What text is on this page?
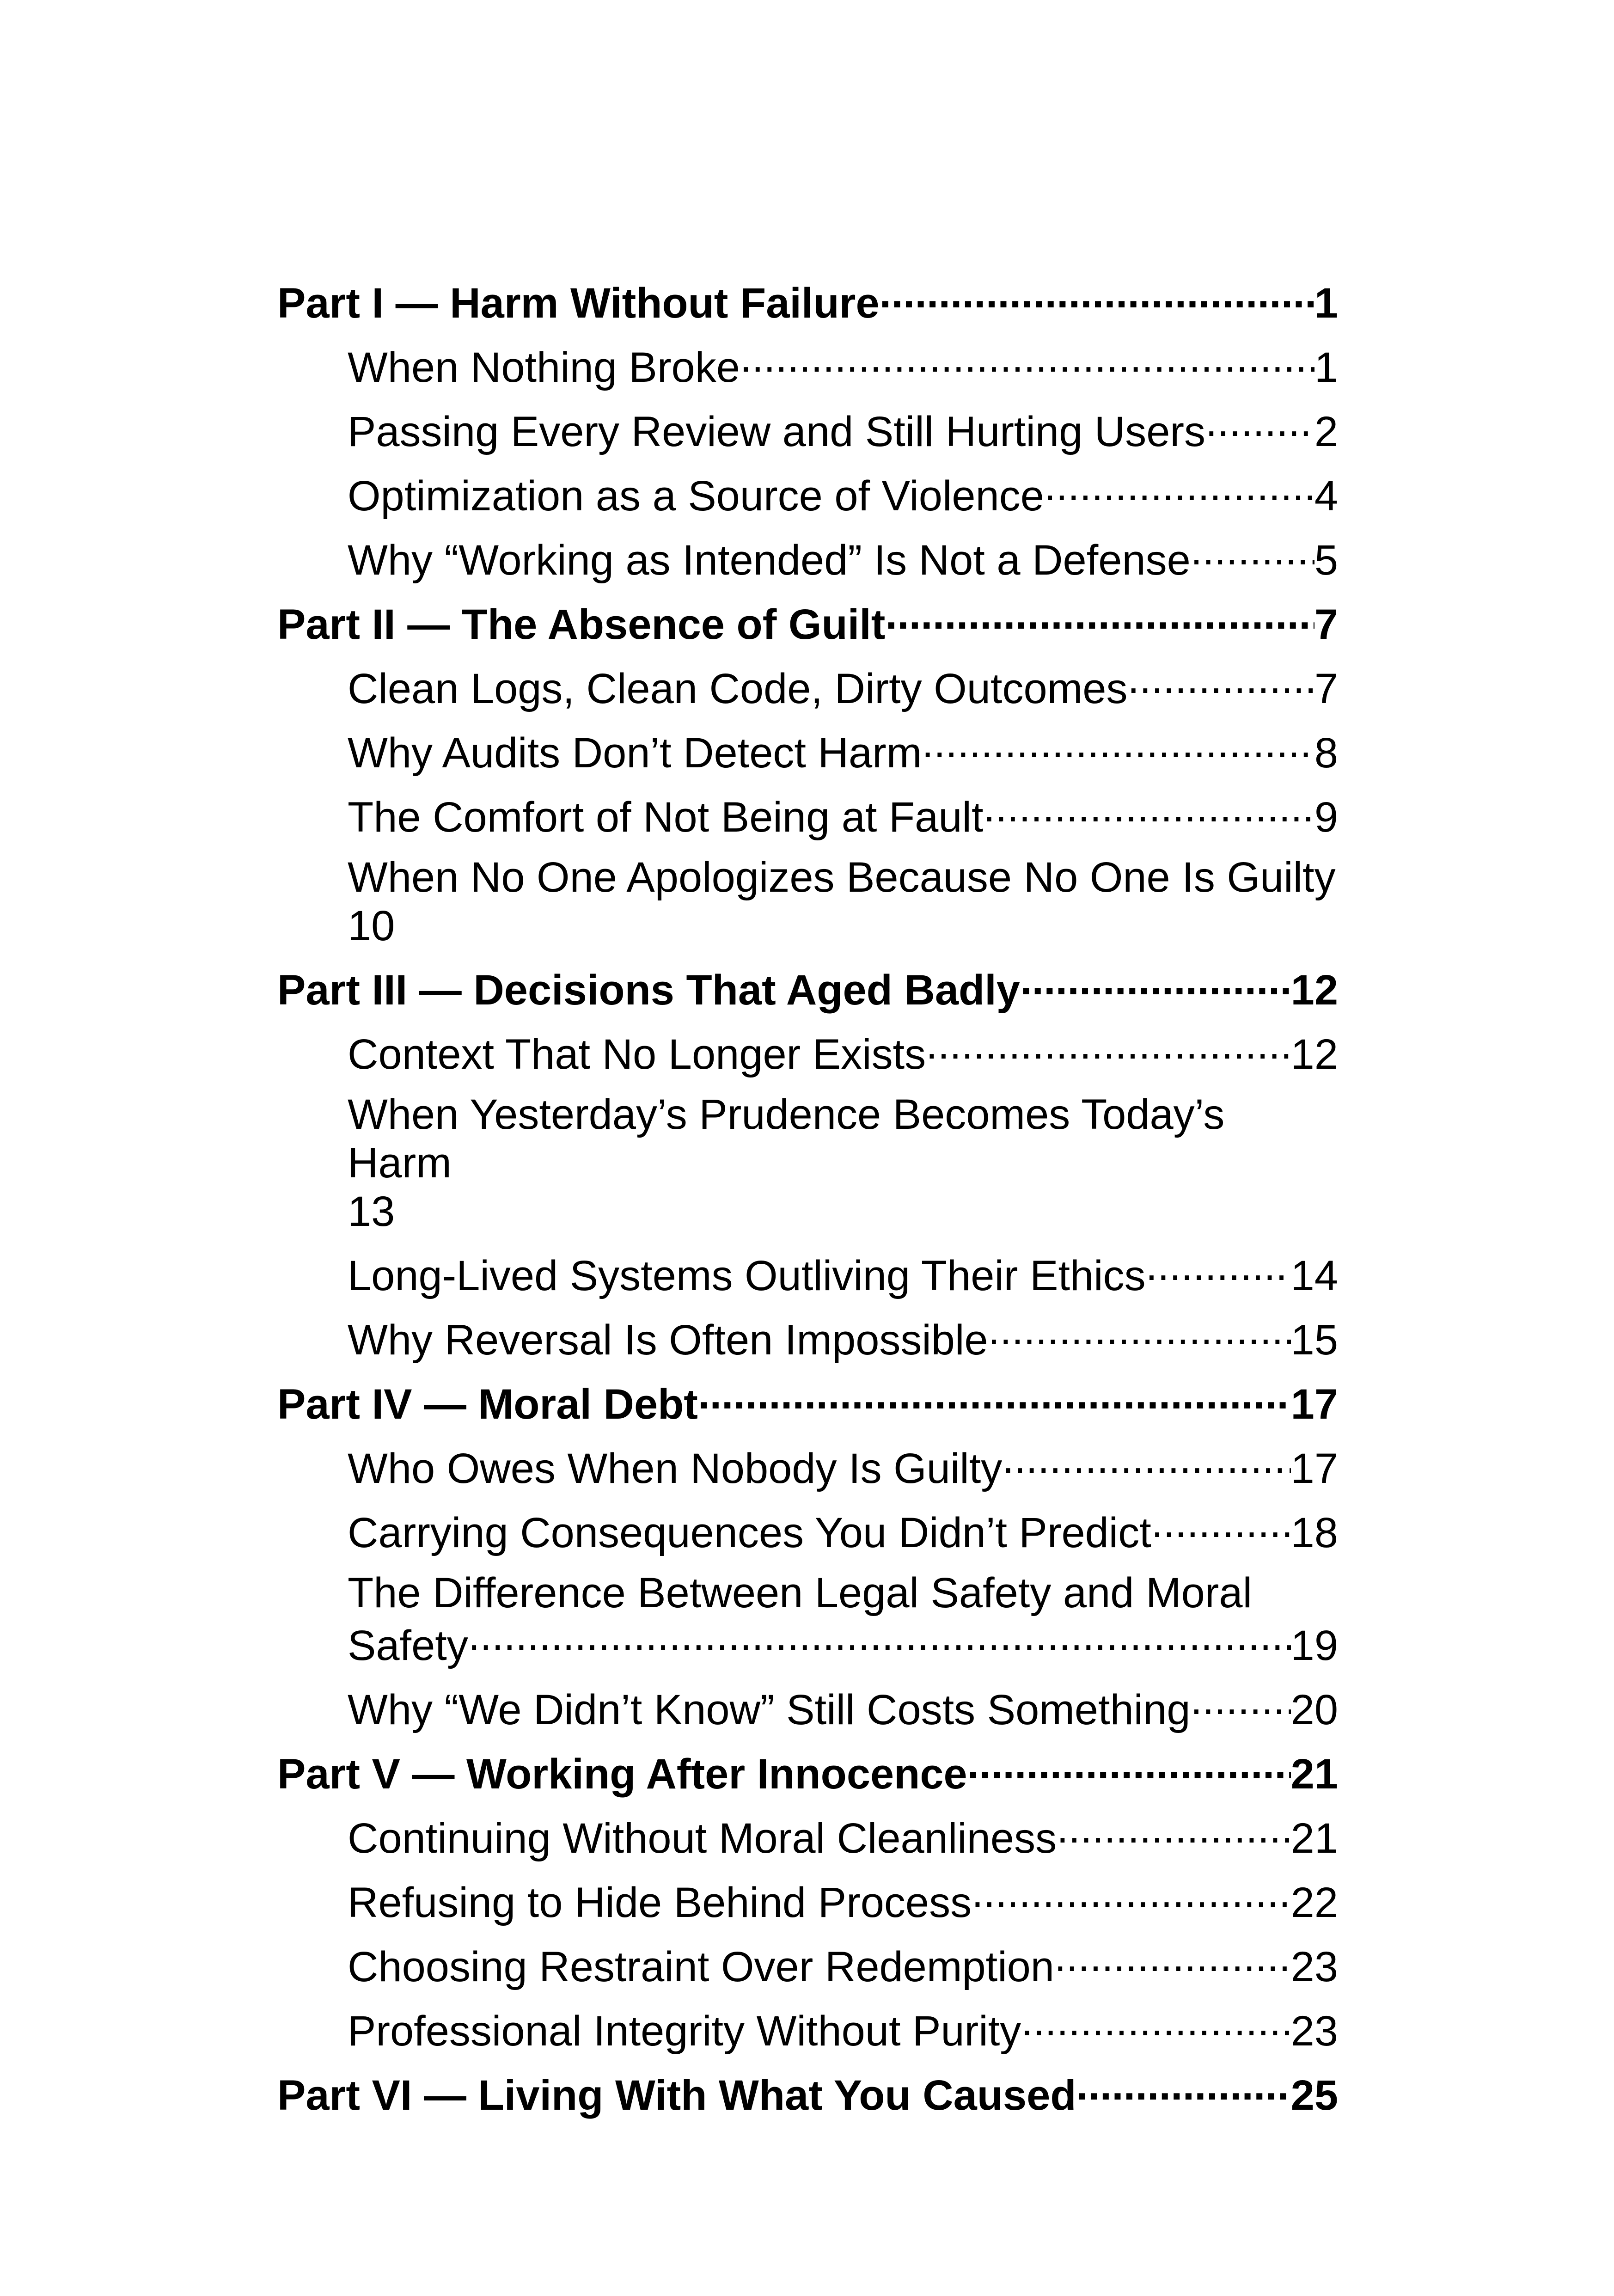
Part I — Harm Without Failure .....	1
When Nothing Broke .....	1
Passing Every Review and Still Hurting Users .....	2
Optimization as a Source of Violence .....	4
Why “Working as Intended” Is Not a Defense .....	5
Part II — The Absence of Guilt .....	7
Clean Logs, Clean Code, Dirty Outcomes .....	7
Why Audits Don’t Detect Harm .....	8
The Comfort of Not Being at Fault .....	9
When No One Apologizes Because No One Is Guilty
10
Part III — Decisions That Aged Badly .....	12
Context That No Longer Exists .....	12
When Yesterday’s Prudence Becomes Today’s Harm
13
Long-Lived Systems Outliving Their Ethics .....	14
Why Reversal Is Often Impossible .....	15
Part IV — Moral Debt .....	17
Who Owes When Nobody Is Guilty .....	17
Carrying Consequences You Didn’t Predict .....	18
The Difference Between Legal Safety and Moral
Safety .....	19
Why “We Didn’t Know” Still Costs Something ..... 20
Part V — Working After Innocence .....	21
Continuing Without Moral Cleanliness .....	21
Refusing to Hide Behind Process .....	22
Choosing Restraint Over Redemption .....	23
Professional Integrity Without Purity .....	23
Part VI — Living With What You Caused .....	25
